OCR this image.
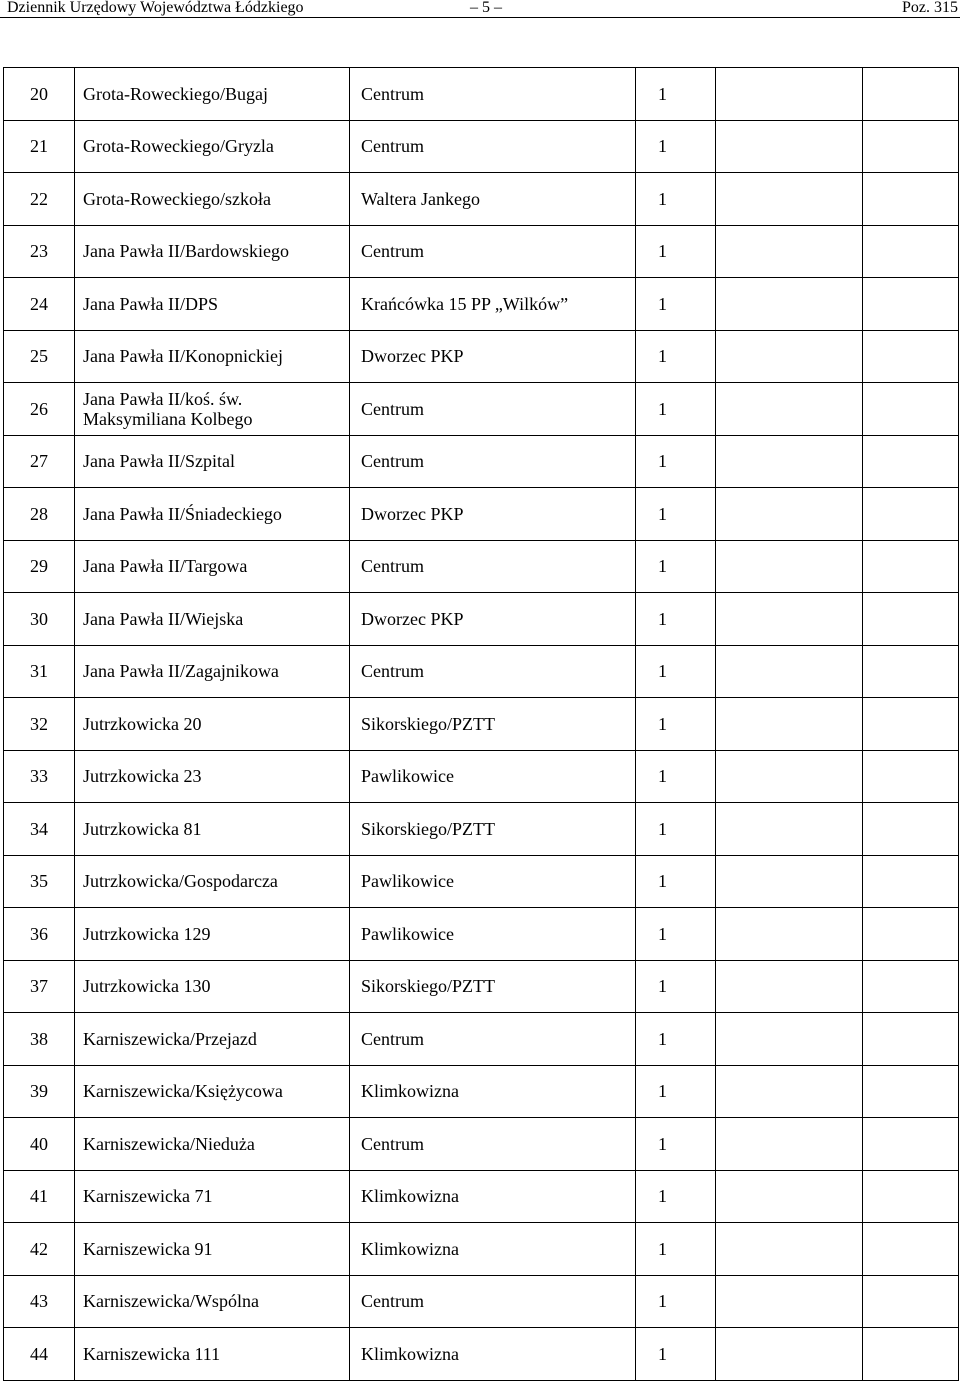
Dziennik Urzędowy Województwa Łódzkiego	– 5 –	Poz. 315
20	Grota-Roweckiego/Bugaj	Centrum	1		
21	Grota-Roweckiego/Gryzla	Centrum	1		
22	Grota-Roweckiego/szkoła	Waltera Jankego	1		
23	Jana Pawła II/Bardowskiego	Centrum	1		
24	Jana Pawła II/DPS	Krańcówka 15 PP „Wilków”	1		
25	Jana Pawła II/Konopnickiej	Dworzec PKP	1		
26	Jana Pawła II/koś. św. Maksymiliana Kolbego	Centrum	1		
27	Jana Pawła II/Szpital	Centrum	1		
28	Jana Pawła II/Śniadeckiego	Dworzec PKP	1		
29	Jana Pawła II/Targowa	Centrum	1		
30	Jana Pawła II/Wiejska	Dworzec PKP	1		
31	Jana Pawła II/Zagajnikowa	Centrum	1		
32	Jutrzkowicka 20	Sikorskiego/PZTT	1		
33	Jutrzkowicka 23	Pawlikowice	1		
34	Jutrzkowicka 81	Sikorskiego/PZTT	1		
35	Jutrzkowicka/Gospodarcza	Pawlikowice	1		
36	Jutrzkowicka 129	Pawlikowice	1		
37	Jutrzkowicka 130	Sikorskiego/PZTT	1		
38	Karniszewicka/Przejazd	Centrum	1		
39	Karniszewicka/Księżycowa	Klimkowizna	1		
40	Karniszewicka/Nieduża	Centrum	1		
41	Karniszewicka 71	Klimkowizna	1		
42	Karniszewicka 91	Klimkowizna	1		
43	Karniszewicka/Wspólna	Centrum	1		
44	Karniszewicka 111	Klimkowizna	1		
